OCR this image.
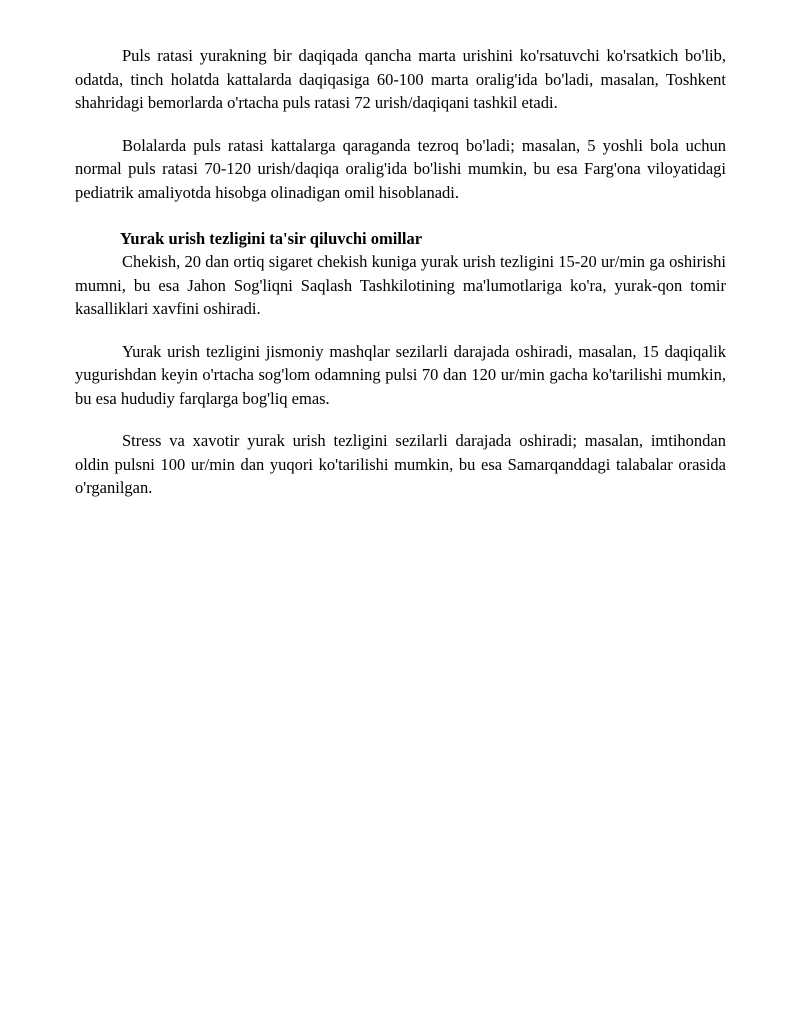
Puls ratasi yurakning bir daqiqada qancha marta urishini ko'rsatuvchi ko'rsatkich bo'lib, odatda, tinch holatda kattalarda daqiqasiga 60-100 marta oralig'ida bo'ladi, masalan, Toshkent shahridagi bemorlarda o'rtacha puls ratasi 72 urish/daqiqani tashkil etadi.

Bolalarda puls ratasi kattalarga qaraganda tezroq bo'ladi; masalan, 5 yoshli bola uchun normal puls ratasi 70-120 urish/daqiqa oralig'ida bo'lishi mumkin, bu esa Farg'ona viloyatidagi pediatrik amaliyotda hisobga olinadigan omil hisoblanadi.

Yurak urish tezligini ta'sir qiluvchi omillar

Chekish, 20 dan ortiq sigaret chekish kuniga yurak urish tezligini 15-20 ur/min ga oshirishi mumni, bu esa Jahon Sog'liqni Saqlash Tashkilotining ma'lumotlariga ko'ra, yurak-qon tomir kasalliklari xavfini oshiradi.

Yurak urish tezligini jismoniy mashqlar sezilarli darajada oshiradi, masalan, 15 daqiqalik yugurishdan keyin o'rtacha sog'lom odamning pulsi 70 dan 120 ur/min gacha ko'tarilishi mumkin, bu esa hududiy farqlarga bog'liq emas.

Stress va xavotir yurak urish tezligini sezilarli darajada oshiradi; masalan, imtihondan oldin pulsni 100 ur/min dan yuqori ko'tarilishi mumkin, bu esa Samarqanddagi talabalar orasida o'rganilgan.
